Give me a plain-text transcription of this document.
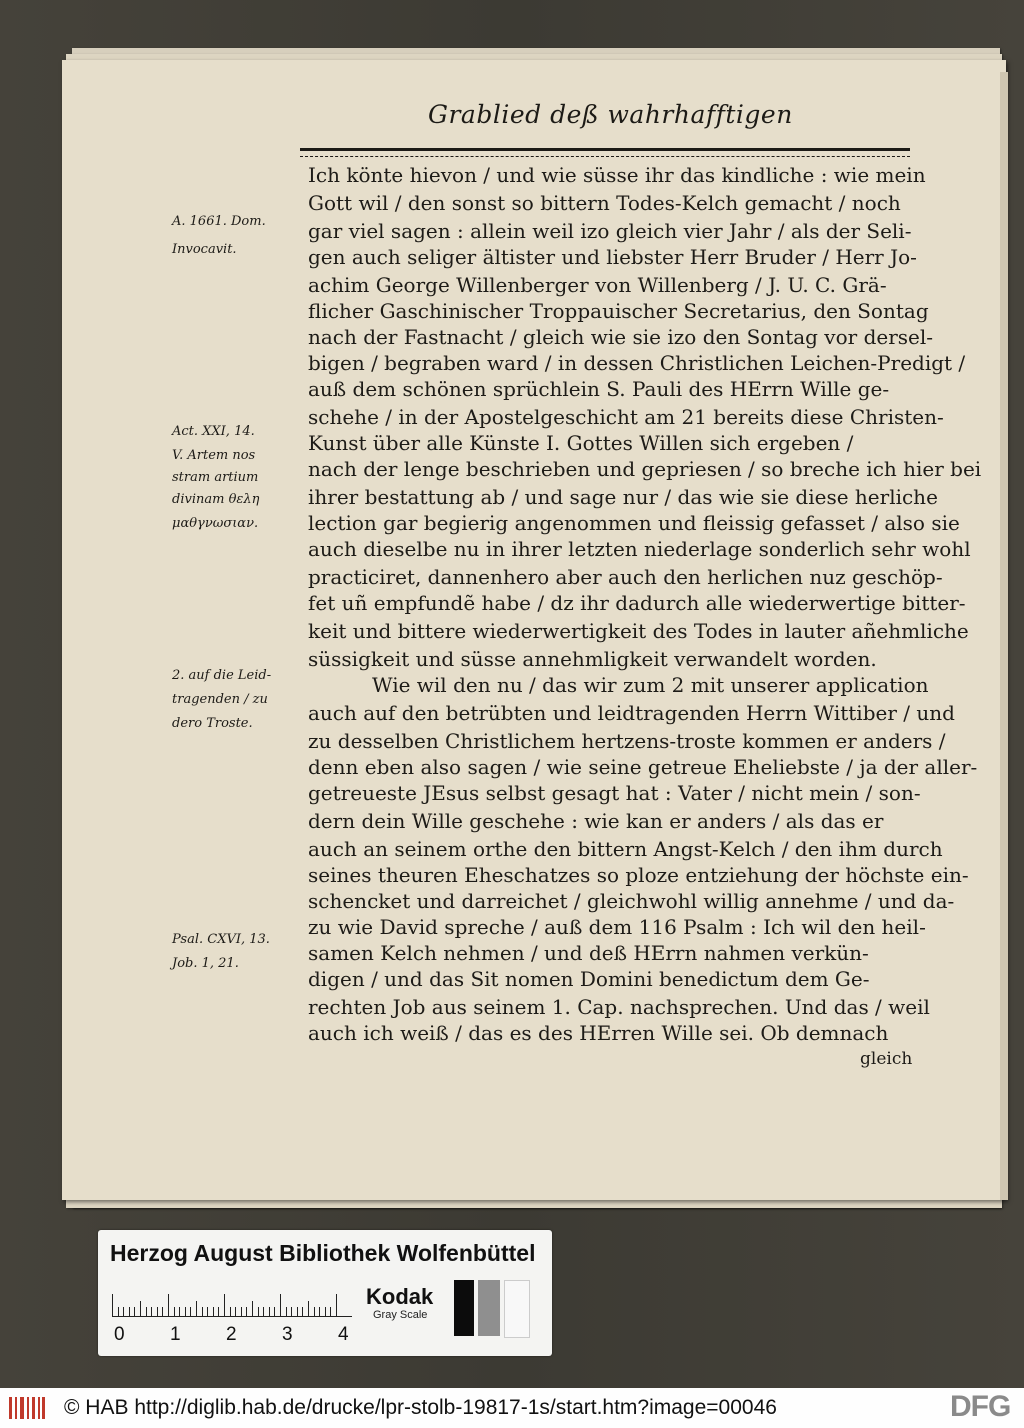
Grablied deß wahrhafftigen
Ich könte hievon / und wie süsse ihr das kindliche : wie mein
Gott wil / den sonst so bittern Todes-Kelch gemacht / noch
gar viel sagen : allein weil izo gleich vier Jahr / als der Seli-
gen auch seliger ältister und liebster Herr Bruder / Herr Jo-
achim George Willenberger von Willenberg / J. U. C. Grä-
flicher Gaschinischer Troppauischer Secretarius, den Sontag
nach der Fastnacht / gleich wie sie izo den Sontag vor dersel-
bigen / begraben ward / in dessen Christlichen Leichen-Predigt /
auß dem schönen sprüchlein S. Pauli des HErrn Wille ge-
schehe / in der Apostelgeschicht am 21 bereits diese Christen-
Kunst über alle Künste I. Gottes Willen sich ergeben /
nach der lenge beschrieben und gepriesen / so breche ich hier bei
ihrer bestattung ab / und sage nur / das wie sie diese herliche
lection gar begierig angenommen und fleissig gefasset / also sie
auch dieselbe nu in ihrer letzten niederlage sonderlich sehr wohl
practiciret, dannenhero aber auch den herlichen nuz geschöp-
fet uñ empfundẽ habe / dz ihr dadurch alle wiederwertige bitter-
keit und bittere wiederwertigkeit des Todes in lauter añehmliche
süssigkeit und süsse annehmligkeit verwandelt worden.
Wie wil den nu / das wir zum 2 mit unserer application
auch auf den betrübten und leidtragenden Herrn Wittiber / und
zu desselben Christlichem hertzens-troste kommen er anders /
denn eben also sagen / wie seine getreue Eheliebste / ja der aller-
getreueste JEsus selbst gesagt hat : Vater / nicht mein / son-
dern dein Wille geschehe : wie kan er anders / als das er
auch an seinem orthe den bittern Angst-Kelch / den ihm durch
seines theuren Eheschatzes so ploze entziehung der höchste ein-
schencket und darreichet / gleichwohl willig annehme / und da-
zu wie David spreche / auß dem 116 Psalm : Ich wil den heil-
samen Kelch nehmen / und deß HErrn nahmen verkün-
digen / und das Sit nomen Domini benedictum dem Ge-
rechten Job aus seinem 1. Cap. nachsprechen. Und das / weil
auch ich weiß / das es des HErren Wille sei. Ob demnach
gleich
A. 1661. Dom.
Invocavit.
Act. XXI, 14.
V. Artem nos
stram artium
divinam θελη
μαθγνωσιαν.
2. auf die Leid-
tragenden / zu
dero Troste.
Psal. CXVI, 13.
Job. 1, 21.
Herzog August Bibliothek Wolfenbüttel
0 1 2 3 4
Kodak
Gray Scale
© HAB http://diglib.hab.de/drucke/lpr-stolb-19817-1s/start.htm?image=00046	DFG
